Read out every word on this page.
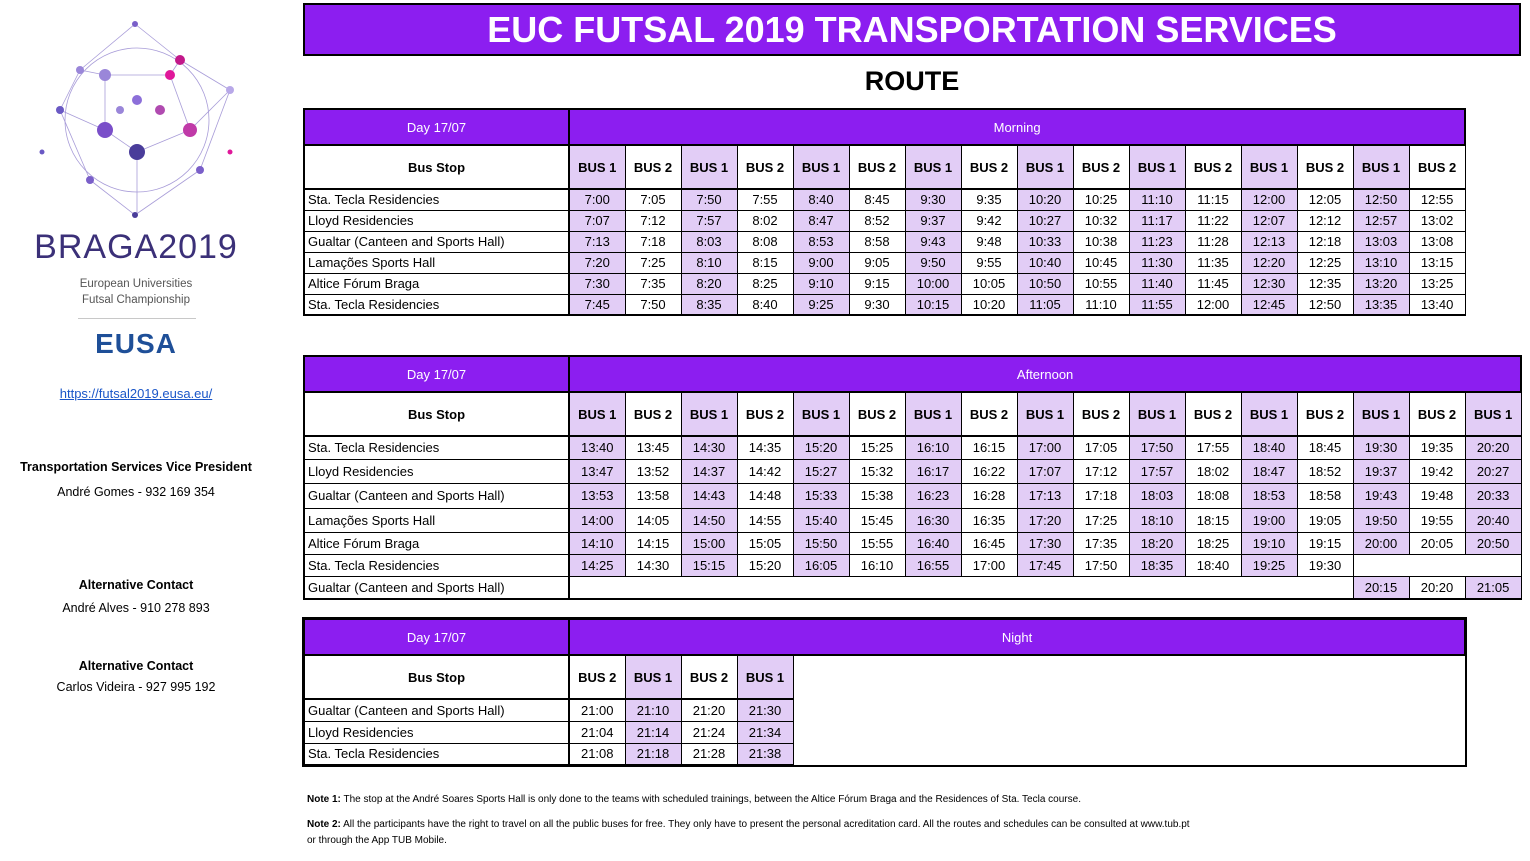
BRAGA2019
European Universities
Futsal Championship
EUSA
https://futsal2019.eusa.eu/
Transportation Services Vice President
André Gomes - 932 169 354
Alternative Contact
André Alves - 910 278 893
Alternative Contact
Carlos Videira - 927 995 192
EUC FUTSAL 2019 TRANSPORTATION SERVICES
ROUTE
Day 17/07	Morning															
Bus Stop	BUS 1	BUS 2	BUS 1	BUS 2	BUS 1	BUS 2	BUS 1	BUS 2	BUS 1	BUS 2	BUS 1	BUS 2	BUS 1	BUS 2	BUS 1	BUS 2
Sta. Tecla Residencies	7:00	7:05	7:50	7:55	8:40	8:45	9:30	9:35	10:20	10:25	11:10	11:15	12:00	12:05	12:50	12:55
Lloyd Residencies	7:07	7:12	7:57	8:02	8:47	8:52	9:37	9:42	10:27	10:32	11:17	11:22	12:07	12:12	12:57	13:02
Gualtar (Canteen and Sports Hall)	7:13	7:18	8:03	8:08	8:53	8:58	9:43	9:48	10:33	10:38	11:23	11:28	12:13	12:18	13:03	13:08
Lamações Sports Hall	7:20	7:25	8:10	8:15	9:00	9:05	9:50	9:55	10:40	10:45	11:30	11:35	12:20	12:25	13:10	13:15
Altice Fórum Braga	7:30	7:35	8:20	8:25	9:10	9:15	10:00	10:05	10:50	10:55	11:40	11:45	12:30	12:35	13:20	13:25
Sta. Tecla Residencies	7:45	7:50	8:35	8:40	9:25	9:30	10:15	10:20	11:05	11:10	11:55	12:00	12:45	12:50	13:35	13:40
Day 17/07	Afternoon																
Bus Stop	BUS 1	BUS 2	BUS 1	BUS 2	BUS 1	BUS 2	BUS 1	BUS 2	BUS 1	BUS 2	BUS 1	BUS 2	BUS 1	BUS 2	BUS 1	BUS 2	BUS 1
Sta. Tecla Residencies	13:40	13:45	14:30	14:35	15:20	15:25	16:10	16:15	17:00	17:05	17:50	17:55	18:40	18:45	19:30	19:35	20:20
Lloyd Residencies	13:47	13:52	14:37	14:42	15:27	15:32	16:17	16:22	17:07	17:12	17:57	18:02	18:47	18:52	19:37	19:42	20:27
Gualtar (Canteen and Sports Hall)	13:53	13:58	14:43	14:48	15:33	15:38	16:23	16:28	17:13	17:18	18:03	18:08	18:53	18:58	19:43	19:48	20:33
Lamações Sports Hall	14:00	14:05	14:50	14:55	15:40	15:45	16:30	16:35	17:20	17:25	18:10	18:15	19:00	19:05	19:50	19:55	20:40
Altice Fórum Braga	14:10	14:15	15:00	15:05	15:50	15:55	16:40	16:45	17:30	17:35	18:20	18:25	19:10	19:15	20:00	20:05	20:50
Sta. Tecla Residencies	14:25	14:30	15:15	15:20	16:05	16:10	16:55	17:00	17:45	17:50	18:35	18:40	19:25	19:30			
Gualtar (Canteen and Sports Hall)															20:15	20:20	21:05
Day 17/07	Night				
Bus Stop	BUS 2	BUS 1	BUS 2	BUS 1	
Gualtar (Canteen and Sports Hall)	21:00	21:10	21:20	21:30	
Lloyd Residencies	21:04	21:14	21:24	21:34	
Sta. Tecla Residencies	21:08	21:18	21:28	21:38	
Note 1: The stop at the André Soares Sports Hall is only done to the teams with scheduled trainings, between the Altice Fórum Braga and the Residences of Sta. Tecla course.
Note 2: All the participants have the right to travel on all the public buses for free. They only have to present the personal acreditation card. All the routes and schedules can be consulted at www.tub.pt
or through the App TUB Mobile.
